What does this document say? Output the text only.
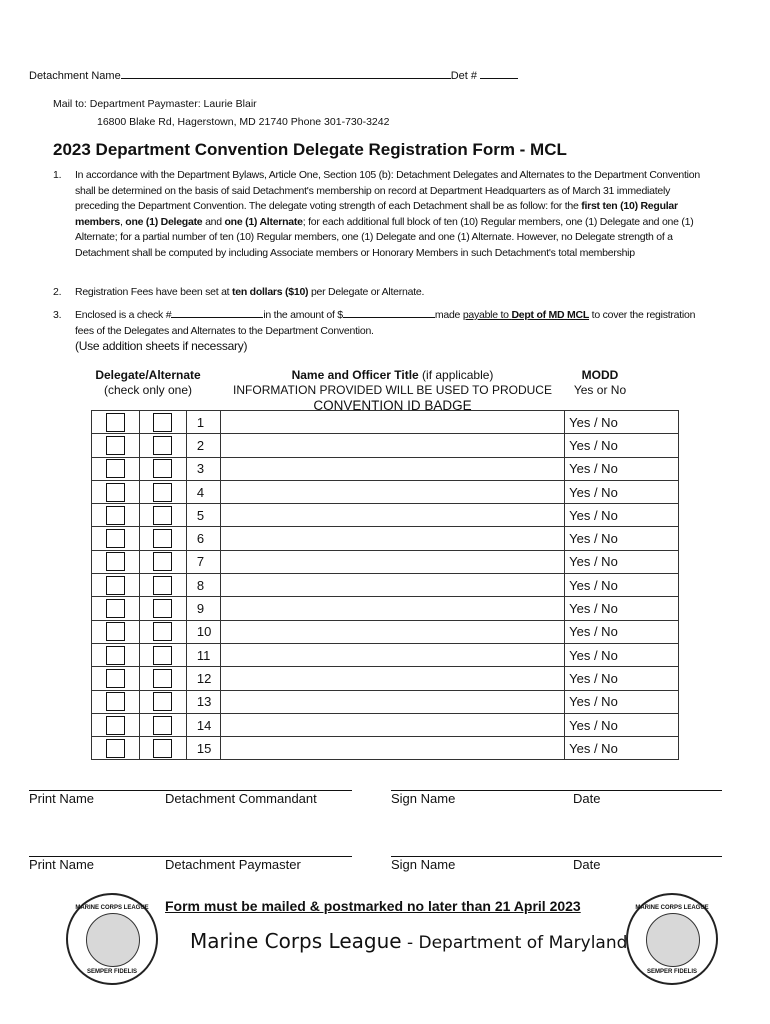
Detachment Name	Det #
Mail to: Department Paymaster: Laurie Blair
16800 Blake Rd, Hagerstown, MD 21740 Phone 301-730-3242
2023 Department Convention Delegate Registration Form - MCL
1. In accordance with the Department Bylaws, Article One, Section 105 (b): Detachment Delegates and Alternates to the Department Convention shall be determined on the basis of said Detachment's membership on record at Department Headquarters as of March 31 immediately preceding the Department Convention. The delegate voting strength of each Detachment shall be as follow: for the first ten (10) Regular members, one (1) Delegate and one (1) Alternate; for each additional full block of ten (10) Regular members, one (1) Delegate and one (1) Alternate; for a partial number of ten (10) Regular members, one (1) Delegate and one (1) Alternate. However, no Delegate strength of a Detachment shall be computed by including Associate members or Honorary Members in such Detachment's total membership
2. Registration Fees have been set at ten dollars ($10) per Delegate or Alternate.
3. Enclosed is a check #	in the amount of $	made payable to Dept of MD MCL to cover the registration fees of the Delegates and Alternates to the Department Convention.
(Use addition sheets if necessary)
Delegate/Alternate
(check only one)
Name and Officer Title (if applicable)
INFORMATION PROVIDED WILL BE USED TO PRODUCE
CONVENTION ID BADGE
MODD
Yes or No
		1		Yes / No
		2		Yes / No
		3		Yes / No
		4		Yes / No
		5		Yes / No
		6		Yes / No
		7		Yes / No
		8		Yes / No
		9		Yes / No
		10		Yes / No
		11		Yes / No
		12		Yes / No
		13		Yes / No
		14		Yes / No
		15		Yes / No
Print Name	Detachment Commandant	Sign Name	Date
Print Name	Detachment Paymaster	Sign Name	Date
Form must be mailed & postmarked no later than 21 April 2023
Marine Corps League - Department of Maryland
MARINE CORPS LEAGUE
SEMPER FIDELIS
MARINE CORPS LEAGUE
SEMPER FIDELIS
